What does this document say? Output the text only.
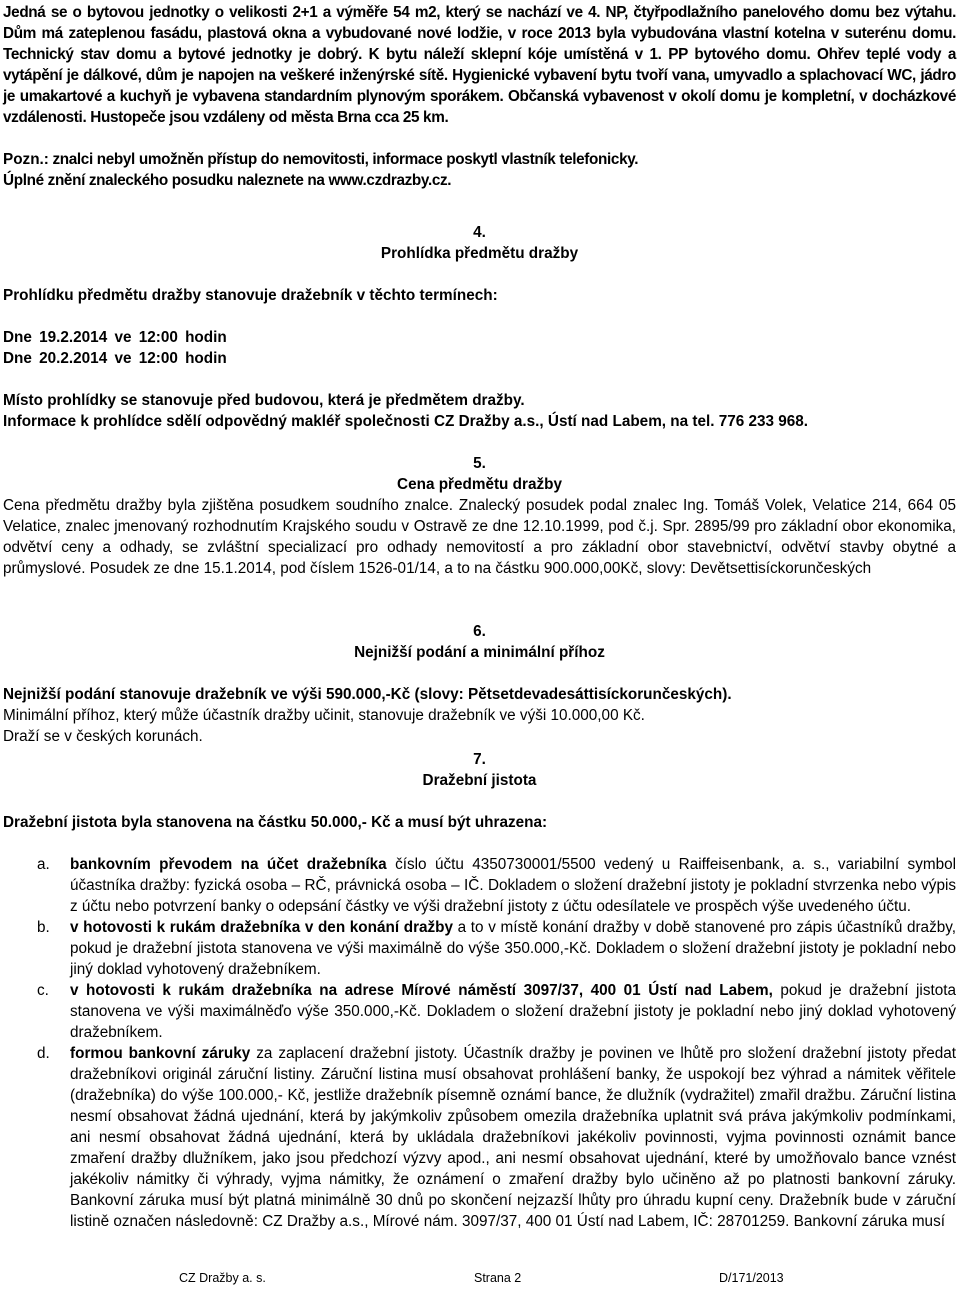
Jedná se o bytovou jednotky o velikosti 2+1 a výměře 54 m2, který se nachází ve 4. NP, čtyřpodlažního panelového domu bez výtahu. Dům má zateplenou fasádu, plastová okna a vybudované nové lodžie, v roce 2013 byla vybudována vlastní kotelna v suterénu domu. Technický stav domu a bytové jednotky je dobrý. K bytu náleží sklepní kóje umístěná v 1. PP bytového domu. Ohřev teplé vody a vytápění je dálkové, dům je napojen na veškeré inženýrské sítě. Hygienické vybavení bytu tvoří vana, umyvadlo a splachovací WC, jádro je umakartové a kuchyň je vybavena standardním plynovým sporákem. Občanská vybavenost v okolí domu je kompletní, v docházkové vzdálenosti. Hustopeče jsou vzdáleny od města Brna cca 25 km.

Pozn.: znalci nebyl umožněn přístup do nemovitosti, informace poskytl vlastník telefonicky.

Úplné znění znaleckého posudku naleznete na www.czdrazby.cz.

4.

Prohlídka předmětu dražby

Prohlídku předmětu dražby stanovuje dražebník v těchto termínech:

Dne 19.2.2014 ve 12:00 hodin

Dne 20.2.2014 ve 12:00 hodin

Místo prohlídky se stanovuje před budovou, která je předmětem dražby.

Informace k prohlídce sdělí odpovědný makléř společnosti CZ Dražby a.s., Ústí nad Labem, na tel. 776 233 968.

5.

Cena předmětu dražby

Cena předmětu dražby byla zjištěna posudkem soudního znalce. Znalecký posudek podal znalec Ing. Tomáš Volek, Velatice 214, 664 05 Velatice, znalec jmenovaný rozhodnutím Krajského soudu v Ostravě ze dne 12.10.1999, pod č.j. Spr. 2895/99 pro základní obor ekonomika, odvětví ceny a odhady, se zvláštní specializací pro odhady nemovitostí a pro základní obor stavebnictví, odvětví stavby obytné a průmyslové. Posudek ze dne 15.1.2014, pod číslem 1526-01/14, a to na částku 900.000,00Kč, slovy: Devětsettisíckorunčeských

6.

Nejnižší podání a minimální příhoz

Nejnižší podání stanovuje dražebník ve výši 590.000,-Kč (slovy: Pětsetdevadesáttisíckorunčeských).

Minimální příhoz, který může účastník dražby učinit, stanovuje dražebník ve výši 10.000,00 Kč.

Draží se v českých korunách.

7.

Dražební jistota

Dražební jistota byla stanovena na částku 50.000,- Kč a musí být uhrazena:

a. bankovním převodem na účet dražebníka číslo účtu 4350730001/5500 vedený u Raiffeisenbank, a. s., variabilní symbol účastníka dražby: fyzická osoba – RČ, právnická osoba – IČ. Dokladem o složení dražební jistoty je pokladní stvrzenka nebo výpis z účtu nebo potvrzení banky o odepsání částky ve výši dražební jistoty z účtu odesílatele ve prospěch výše uvedeného účtu.
b. v hotovosti k rukám dražebníka v den konání dražby a to v místě konání dražby v době stanovené pro zápis účastníků dražby, pokud je dražební jistota stanovena ve výši maximálně do výše 350.000,-Kč. Dokladem o složení dražební jistoty je pokladní nebo jiný doklad vyhotovený dražebníkem.
c. v hotovosti k rukám dražebníka na adrese Mírové náměstí 3097/37, 400 01 Ústí nad Labem, pokud je dražební jistota stanovena ve výši maximálněďo výše 350.000,-Kč. Dokladem o složení dražební jistoty je pokladní nebo jiný doklad vyhotovený dražebníkem.
d. formou bankovní záruky za zaplacení dražební jistoty. Účastník dražby je povinen ve lhůtě pro složení dražební jistoty předat dražebníkovi originál záruční listiny. Záruční listina musí obsahovat prohlášení banky, že uspokojí bez výhrad a námitek věřitele (dražebníka) do výše 100.000,- Kč, jestliže dražebník písemně oznámí bance, že dlužník (vydražitel) zmařil dražbu. Záruční listina nesmí obsahovat žádná ujednání, která by jakýmkoliv způsobem omezila dražebníka uplatnit svá práva jakýmkoliv podmínkami, ani nesmí obsahovat žádná ujednání, která by ukládala dražebníkovi jakékoliv povinnosti, vyjma povinnosti oznámit bance zmaření dražby dlužníkem, jako jsou předchozí výzvy apod., ani nesmí obsahovat ujednání, které by umožňovalo bance vznést jakékoliv námitky či výhrady, vyjma námitky, že oznámení o zmaření dražby bylo učiněno až po platnosti bankovní záruky. Bankovní záruka musí být platná minimálně 30 dnů po skončení nejzazší lhůty pro úhradu kupní ceny. Dražebník bude v záruční listině označen následovně: CZ Dražby a.s., Mírové nám. 3097/37, 400 01 Ústí nad Labem, IČ: 28701259. Bankovní záruka musí
CZ Dražby a. s.	Strana 2	D/171/2013
